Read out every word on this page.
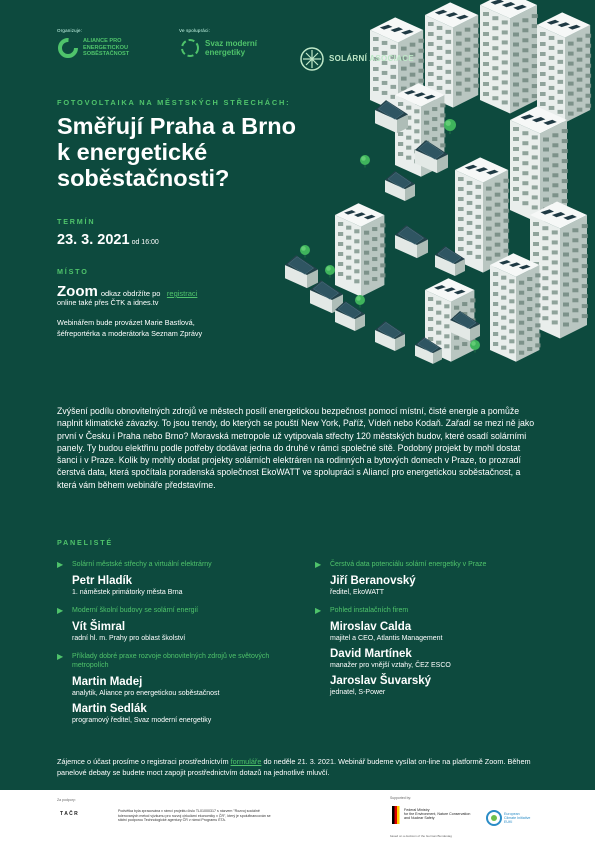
Organizuje:
ALIANCE PRO ENERGETICKOU SOBĚSTAČNOST
Ve spolupráci:
Svaz moderní energetiky
SOLÁRNÍ ASOCIACE
FOTOVOLTAIKA NA MĚSTSKÝCH STŘECHÁCH:
Směřují Praha a Brno
k energetické
soběstačnosti?
TERMÍN
23. 3. 2021 od 16:00
MÍSTO
Zoom odkaz obdržíte po registraci
online také přes ČTK a idnes.tv
Webinářem bude provázet Marie Bastlová,
šéfreportérka a moderátorka Seznam Zprávy
Zvýšení podílu obnovitelných zdrojů ve městech posílí energetickou bezpečnost pomocí místní, čisté energie a pomůže naplnit klimatické závazky. To jsou trendy, do kterých se pouští New York, Paříž, Vídeň nebo Kodaň. Zařadí se mezi ně jako první v Česku i Praha nebo Brno? Moravská metropole už vytipovala střechy 120 městských budov, které osadí solárními panely. Ty budou elektřinu podle potřeby dodávat jedna do druhé v rámci společné sítě. Podobný projekt by mohl dostat šanci i v Praze. Kolik by mohly dodat projekty solárních elektráren na rodinných a bytových domech v Praze, to prozradí čerstvá data, která spočítala poradenská společnost EkoWATT ve spolupráci s Aliancí pro energetickou soběstačnost, a která vám během webináře představíme.
PANELISTÉ
▶ Solární městské střechy a virtuální elektrárny
Petr Hladík
1. náměstek primátorky města Brna
▶ Moderní školní budovy se solární energií
Vít Šimral
radní hl. m. Prahy pro oblast školství
▶ Příklady dobré praxe rozvoje obnovitelných zdrojů ve světových metropolích
Martin Madej
analytik, Aliance pro energetickou soběstačnost
Martin Sedlák
programový ředitel, Svaz moderní energetiky
▶ Čerstvá data potenciálu solární energetiky v Praze
Jiří Beranovský
ředitel, EkoWATT
▶ Pohled instalačních firem
Miroslav Calda
majitel a CEO, Atlantis Management
David Martínek
manažer pro vnější vztahy, ČEZ ESCO
Jaroslav Šuvarský
jednatel, S-Power
Zájemce o účast prosíme o registraci prostřednictvím formuláře do neděle 21. 3. 2021. Webinář budeme vysílat on-line na platformě Zoom. Během panelové debaty se budete moct zapojit prostřednictvím dotazů na jednotlivé mluvčí.
Za podpory:
T A Č R	Podvětka byla zpracována v rámci projektu číslo TL01000317 s názvem "Rozvoj sociálně tolerovaných metod výzkumu pro rozvoj cirkulární ekonomiky v ČR", který je spolufinancován se státní podporou Technologické agentury ČR v rámci Programu ÉTA.
Supported by:
Federal Ministry for the Environment, Nature Conservation and Nuclear Safety
based on a decision of the German Bundestag
European
Climate Initiative
EUKI
